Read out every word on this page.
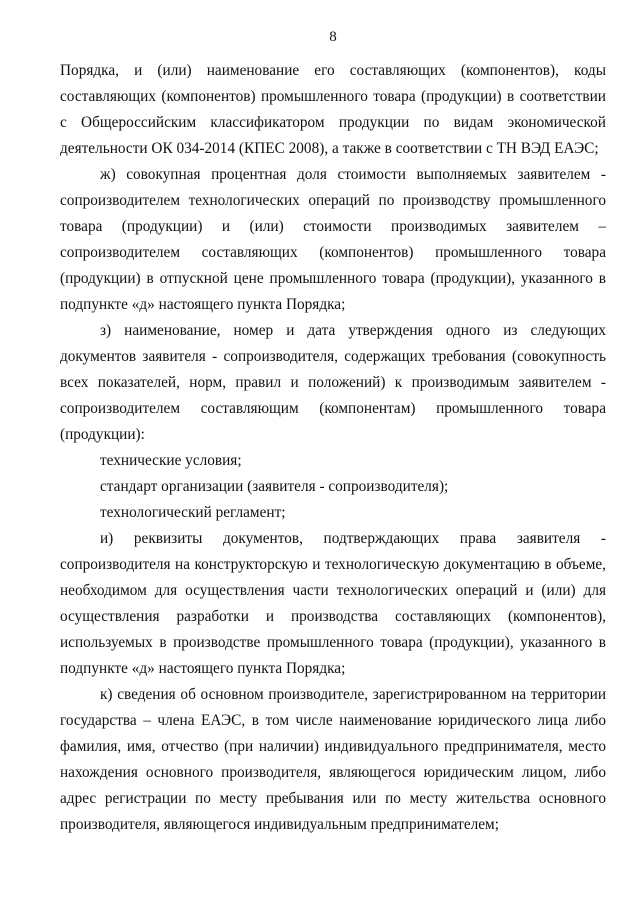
8

Порядка, и (или) наименование его составляющих (компонентов), коды составляющих (компонентов) промышленного товара (продукции) в соответствии с Общероссийским классификатором продукции по видам экономической деятельности ОК 034-2014 (КПЕС 2008), а также в соответствии с ТН ВЭД ЕАЭС;

ж) совокупная процентная доля стоимости выполняемых заявителем - сопроизводителем технологических операций по производству промышленного товара (продукции) и (или) стоимости производимых заявителем – сопроизводителем составляющих (компонентов) промышленного товара (продукции) в отпускной цене промышленного товара (продукции), указанного в подпункте «д» настоящего пункта Порядка;

з) наименование, номер и дата утверждения одного из следующих документов заявителя - сопроизводителя, содержащих требования (совокупность всех показателей, норм, правил и положений) к производимым заявителем - сопроизводителем составляющим (компонентам) промышленного товара (продукции):

технические условия;

стандарт организации (заявителя - сопроизводителя);

технологический регламент;

и) реквизиты документов, подтверждающих права заявителя - сопроизводителя на конструкторскую и технологическую документацию в объеме, необходимом для осуществления части технологических операций и (или) для осуществления разработки и производства составляющих (компонентов), используемых в производстве промышленного товара (продукции), указанного в подпункте «д» настоящего пункта Порядка;

к) сведения об основном производителе, зарегистрированном на территории государства – члена ЕАЭС, в том числе наименование юридического лица либо фамилия, имя, отчество (при наличии) индивидуального предпринимателя, место нахождения основного производителя, являющегося юридическим лицом, либо адрес регистрации по месту пребывания или по месту жительства основного производителя, являющегося индивидуальным предпринимателем;
